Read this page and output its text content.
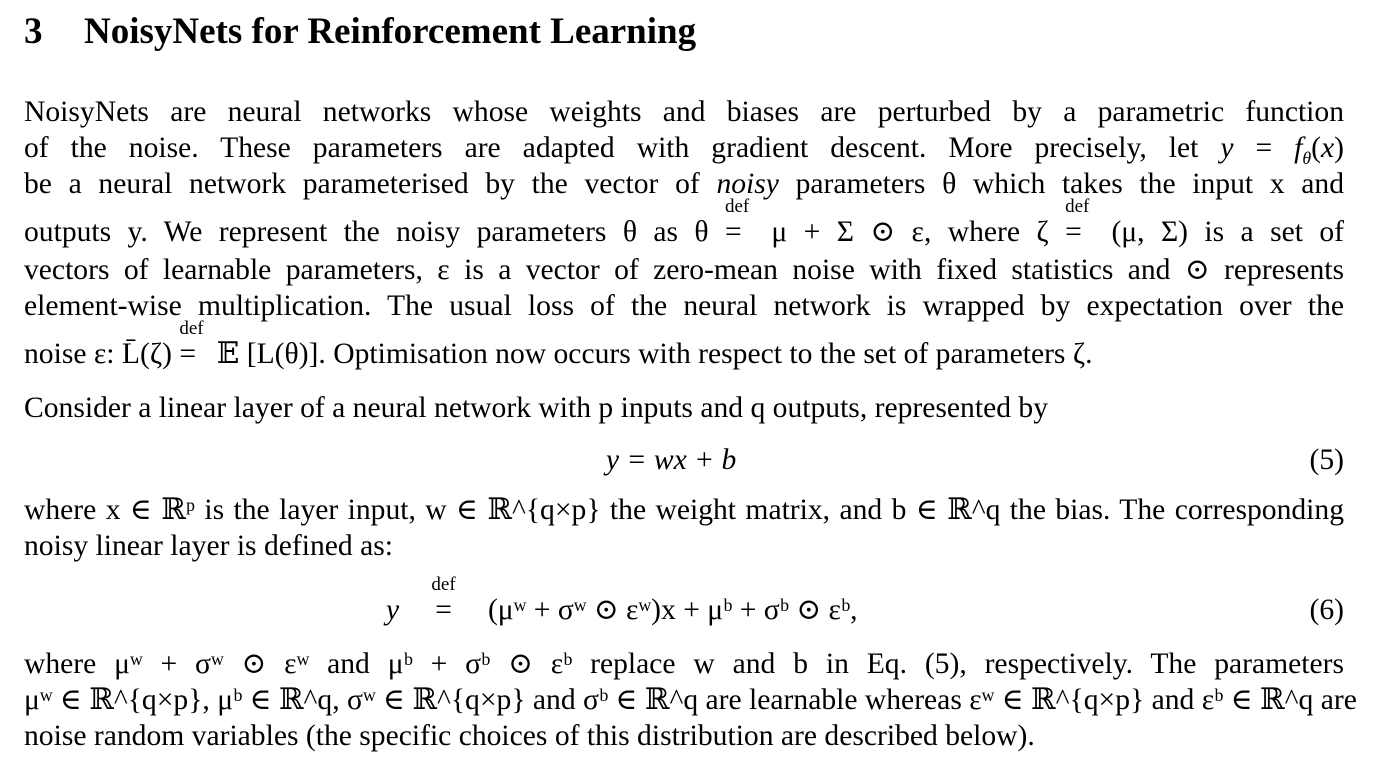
3 NoisyNets for Reinforcement Learning
NoisyNets are neural networks whose weights and biases are perturbed by a parametric function
of the noise. These parameters are adapted with gradient descent. More precisely, let $y = f_\theta(x)$
be a neural network parameterised by the vector of noisy parameters θ which takes the input x and
outputs y. We represent the noisy parameters θ as θ
def
= μ + Σ ⊙ ε, where ζ
def
= (μ, Σ) is a set of
vectors of learnable parameters, ε is a vector of zero-mean noise with fixed statistics and ⊙ represents
element-wise multiplication. The usual loss of the neural network is wrapped by expectation over the
noise ε: L̄(ζ)
def
= 𝔼 [L(θ)]. Optimisation now occurs with respect to the set of parameters ζ.
Consider a linear layer of a neural network with p inputs and q outputs, represented by
y = wx + b	(5)
where x ∈ ℝᵖ is the layer input, w ∈ ℝ^{q×p} the weight matrix, and b ∈ ℝ^q the bias. The corresponding
noisy linear layer is defined as:
y
def
= (μʷ + σʷ ⊙ εʷ)x + μᵇ + σᵇ ⊙ εᵇ,	(6)
where μʷ + σʷ ⊙ εʷ and μᵇ + σᵇ ⊙ εᵇ replace w and b in Eq. (5), respectively. The parameters
μʷ ∈ ℝ^{q×p}, μᵇ ∈ ℝ^q, σʷ ∈ ℝ^{q×p} and σᵇ ∈ ℝ^q are learnable whereas εʷ ∈ ℝ^{q×p} and εᵇ ∈ ℝ^q are
noise random variables (the specific choices of this distribution are described below).
